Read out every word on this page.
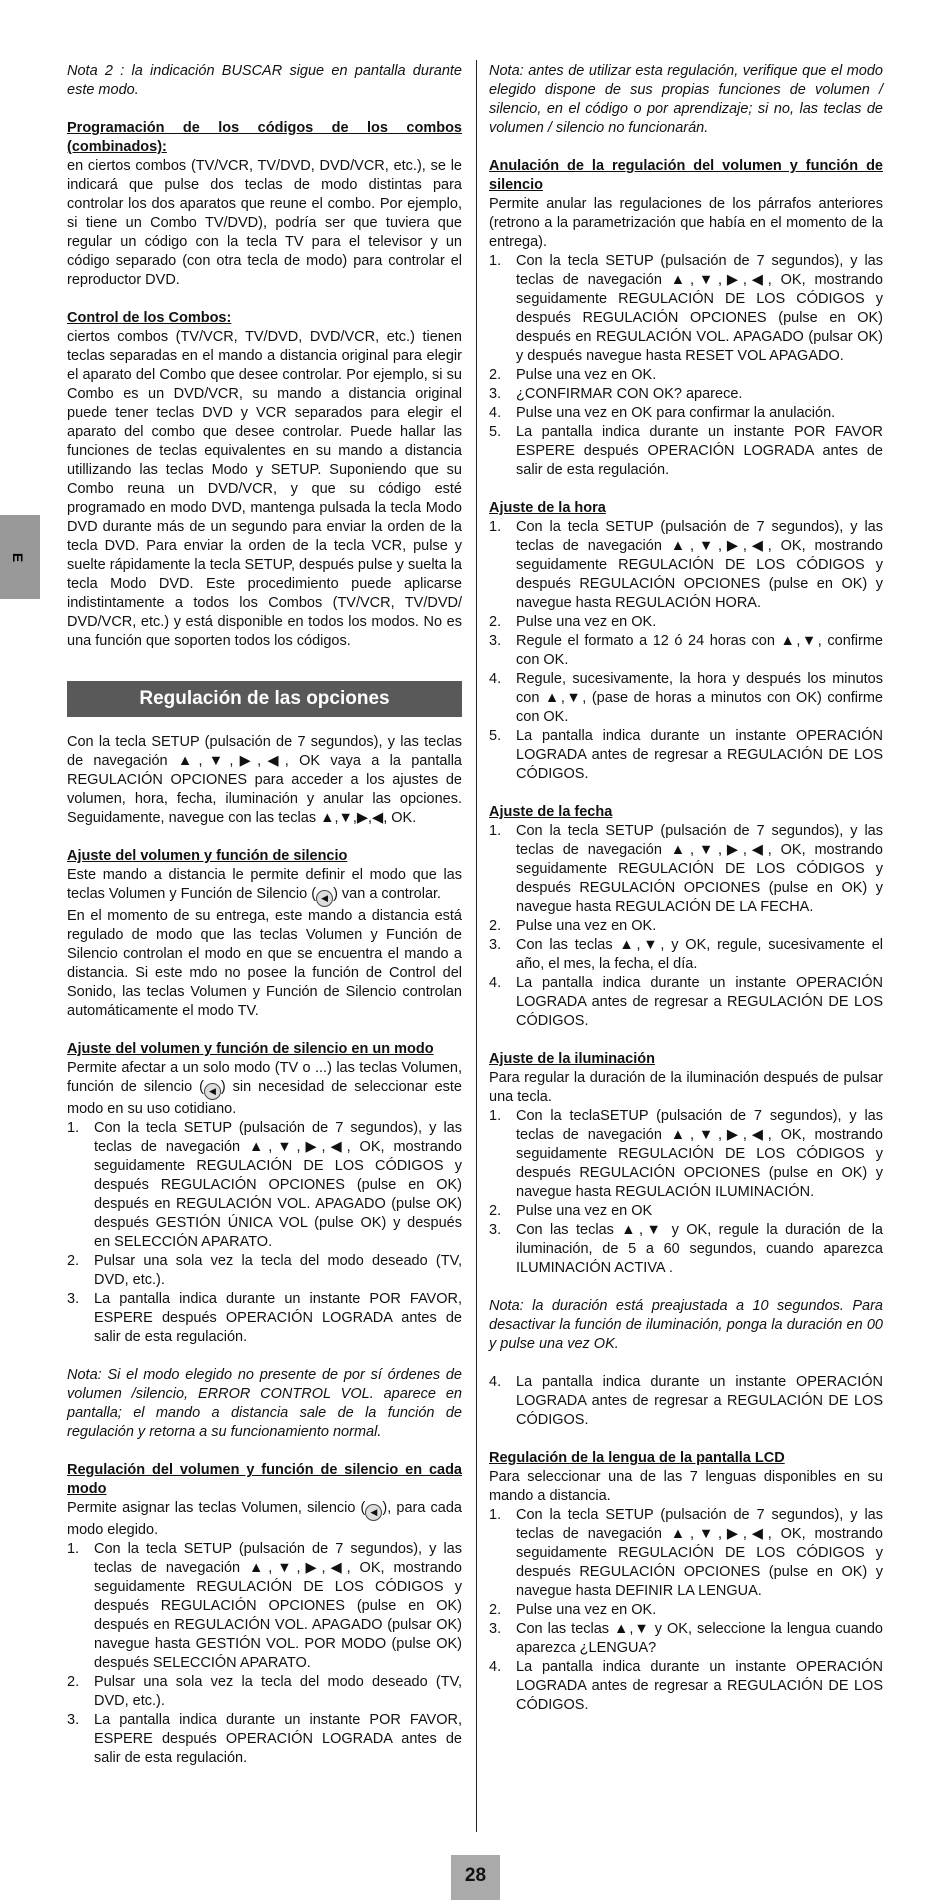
E

Nota 2 : la indicación BUSCAR sigue en pantalla durante este modo.

Programación de los códigos de los combos (combinados):

en ciertos combos (TV/VCR, TV/DVD, DVD/VCR, etc.), se le indicará que pulse dos teclas de modo distintas para controlar los dos aparatos que reune el combo. Por ejemplo, si tiene un Combo TV/DVD), podría ser que tuviera que regular un código con la tecla TV para el televisor y un código separado (con otra tecla de modo) para controlar el reproductor DVD.

Control de los Combos:

ciertos combos (TV/VCR, TV/DVD, DVD/VCR, etc.) tienen teclas separadas en el mando a distancia original para elegir el aparato del Combo que desee controlar. Por ejemplo, si su Combo es un DVD/VCR, su mando a distancia original puede tener teclas DVD y VCR separados para elegir el aparato del combo que desee controlar. Puede hallar las funciones de teclas equivalentes en su mando a distancia utillizando las teclas Modo y SETUP. Suponiendo que su Combo reuna un DVD/VCR, y que su código esté programado en modo DVD, mantenga pulsada la tecla Modo DVD durante más de un segundo para enviar la orden de la tecla DVD. Para enviar la orden de la tecla VCR, pulse y suelte rápidamente la tecla SETUP, después pulse y suelta la tecla Modo DVD. Este procedimiento puede aplicarse indistintamente a todos los Combos (TV/VCR, TV/DVD/ DVD/VCR, etc.) y está disponible en todos los modos. No es una función que soporten todos los códigos.

Regulación de las opciones

Con la tecla SETUP (pulsación de 7 segundos), y las teclas de navegación ▲,▼,▶,◀, OK vaya a la pantalla REGULACIÓN OPCIONES para acceder a los ajustes de volumen, hora, fecha, iluminación y anular las opciones. Seguidamente, navegue con las teclas ▲,▼,▶,◀, OK.

Ajuste del volumen y función de silencio

Este mando a distancia le permite definir el modo que las teclas Volumen y Función de Silencio ( ◀ ) van a controlar.

En el momento de su entrega, este mando a distancia está regulado de modo que las teclas Volumen y Función de Silencio controlan el modo en que se encuentra el mando a distancia. Si este mdo no posee la función de Control del Sonido, las teclas Volumen y Función de Silencio controlan automáticamente el modo TV.

Ajuste del volumen y función de silencio en un modo

Permite afectar a un solo modo (TV o ...) las teclas Volumen, función de silencio ( ◀ ) sin necesidad de seleccionar este modo en su uso cotidiano.

1.	Con la tecla SETUP (pulsación de 7 segundos), y las teclas de navegación ▲,▼,▶,◀, OK, mostrando seguidamente REGULACIÓN DE LOS CÓDIGOS y después REGULACIÓN OPCIONES (pulse en OK) después en REGULACIÓN VOL. APAGADO (pulse OK) después GESTIÓN ÚNICA VOL (pulse OK) y después en SELECCIÓN APARATO.
2.	Pulsar una sola vez la tecla del modo deseado (TV, DVD, etc.).
3.	La pantalla indica durante un instante POR FAVOR, ESPERE después OPERACIÓN LOGRADA antes de salir de esta regulación.

Nota: Si el modo elegido no presente de por sí órdenes de volumen /silencio, ERROR CONTROL VOL. aparece en pantalla; el mando a distancia sale de la función de regulación y retorna a su funcionamiento normal.

Regulación del volumen y función de silencio en cada modo

Permite asignar las teclas Volumen, silencio ( ◀ ), para cada modo elegido.

1.	Con la tecla SETUP (pulsación de 7 segundos), y las teclas de navegación ▲,▼,▶,◀, OK, mostrando seguidamente REGULACIÓN DE LOS CÓDIGOS y después REGULACIÓN OPCIONES (pulse en OK) después en REGULACIÓN VOL. APAGADO (pulsar OK) navegue hasta GESTIÓN VOL. POR MODO (pulse OK) después SELECCIÓN APARATO.
2.	Pulsar una sola vez la tecla del modo deseado (TV, DVD, etc.).
3.	La pantalla indica durante un instante POR FAVOR, ESPERE después OPERACIÓN LOGRADA antes de salir de esta regulación.

Nota: antes de utilizar esta regulación, verifique que el modo elegido dispone de sus propias funciones de volumen / silencio, en el código o por aprendizaje; si no, las teclas de volumen / silencio no funcionarán.

Anulación de la regulación del volumen y función de silencio

Permite anular las regulaciones de los párrafos anteriores (retrono a la parametrización que había en el momento de la entrega).

1.	Con la tecla SETUP (pulsación de 7 segundos), y las teclas de navegación ▲,▼,▶,◀, OK, mostrando seguidamente REGULACIÓN DE LOS CÓDIGOS y después REGULACIÓN OPCIONES (pulse en OK) después en REGULACIÓN VOL. APAGADO (pulsar OK) y después navegue hasta RESET VOL APAGADO.
2.	Pulse una vez en OK.
3.	¿CONFIRMAR CON OK? aparece.
4.	Pulse una vez en OK para confirmar la anulación.
5.	La pantalla indica durante un instante POR FAVOR ESPERE después OPERACIÓN LOGRADA antes de salir de esta regulación.

Ajuste de la hora

1.	Con la tecla SETUP (pulsación de 7 segundos), y las teclas de navegación ▲,▼,▶,◀, OK, mostrando seguidamente REGULACIÓN DE LOS CÓDIGOS y después REGULACIÓN OPCIONES (pulse en OK) y navegue hasta REGULACIÓN HORA.
2.	Pulse una vez en OK.
3.	Regule el formato a 12 ó 24 horas con ▲,▼, confirme con OK.
4.	Regule, sucesivamente, la hora y después los minutos con ▲,▼, (pase de horas a minutos con OK) confirme con OK.
5.	La pantalla indica durante un instante OPERACIÓN LOGRADA antes de regresar a REGULACIÓN DE LOS CÓDIGOS.

Ajuste de la fecha

1.	Con la tecla SETUP (pulsación de 7 segundos), y las teclas de navegación ▲,▼,▶,◀, OK, mostrando seguidamente REGULACIÓN DE LOS CÓDIGOS y después REGULACIÓN OPCIONES (pulse en OK) y navegue hasta REGULACIÓN DE LA FECHA.
2.	Pulse una vez en OK.
3.	Con las teclas ▲,▼, y OK, regule, sucesivamente el año, el mes, la fecha, el día.
4.	La pantalla indica durante un instante OPERACIÓN LOGRADA antes de regresar a REGULACIÓN DE LOS CÓDIGOS.

Ajuste de la iluminación

Para regular la duración de la iluminación después de pulsar una tecla.

1.	Con la teclaSETUP (pulsación de 7 segundos), y las teclas de navegación ▲,▼,▶,◀, OK, mostrando seguidamente REGULACIÓN DE LOS CÓDIGOS y después REGULACIÓN OPCIONES (pulse en OK) y navegue hasta REGULACIÓN ILUMINACIÓN.
2.	Pulse una vez en OK
3.	Con las teclas ▲,▼ y OK, regule la duración de la iluminación, de 5 a 60 segundos, cuando aparezca ILUMINACIÓN ACTIVA .

Nota: la duración está preajustada a 10 segundos. Para desactivar la función de iluminación, ponga la duración en 00 y pulse una vez OK.

4.	La pantalla indica durante un instante OPERACIÓN LOGRADA antes de regresar a REGULACIÓN DE LOS CÓDIGOS.

Regulación de la lengua de la pantalla LCD

Para seleccionar una de las 7 lenguas disponibles en su mando a distancia.

1.	Con la tecla SETUP (pulsación de 7 segundos), y las teclas de navegación ▲,▼,▶,◀, OK, mostrando seguidamente REGULACIÓN DE LOS CÓDIGOS y después REGULACIÓN OPCIONES (pulse en OK) y navegue hasta DEFINIR LA LENGUA.
2.	Pulse una vez en OK.
3.	Con las teclas ▲,▼ y OK, seleccione la lengua cuando aparezca ¿LENGUA?
4.	La pantalla indica durante un instante OPERACIÓN LOGRADA antes de regresar a REGULACIÓN DE LOS CÓDIGOS.
28
